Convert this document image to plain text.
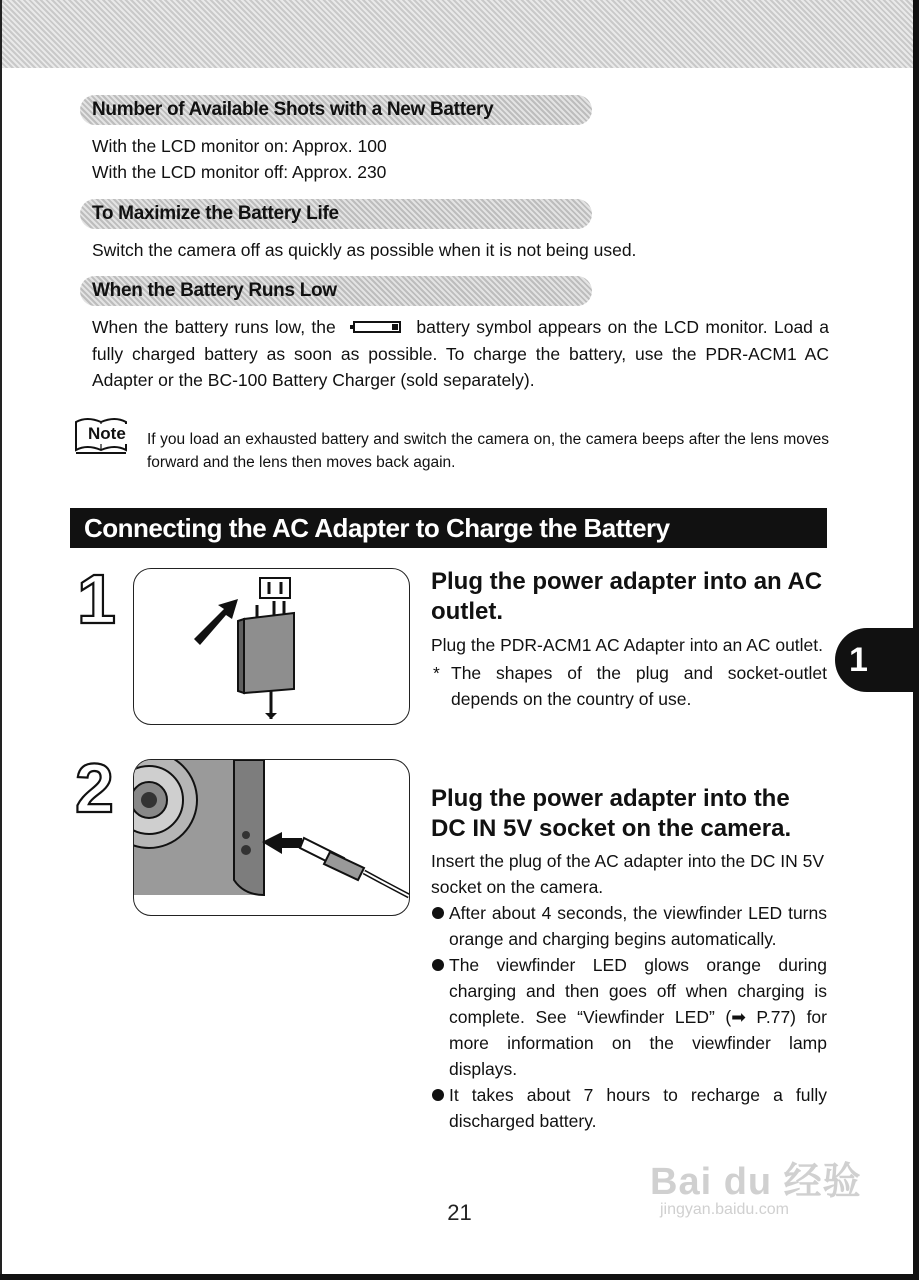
Number of Available Shots with a New Battery
With the LCD monitor on: Approx. 100
With the LCD monitor off: Approx. 230
To Maximize the Battery Life
Switch the camera off as quickly as possible when it is not being used.
When the Battery Runs Low
When the battery runs low, the	battery symbol appears on the LCD monitor. Load a fully charged battery as soon as possible. To charge the battery, use the PDR-ACM1 AC Adapter or the BC-100 Battery Charger (sold separately).
Note If you load an exhausted battery and switch the camera on, the camera beeps after the lens moves forward and the lens then moves back again.
Connecting the AC Adapter to Charge the Battery
1
1	Plug the power adapter into an AC outlet.
Plug the PDR-ACM1 AC Adapter into an AC outlet.
* The shapes of the plug and socket-outlet depends on the country of use.
2	Plug the power adapter into the DC IN 5V socket on the camera.
Insert the plug of the AC adapter into the DC IN 5V socket on the camera.
After about 4 seconds, the viewfinder LED turns orange and charging begins automatically.
The viewfinder LED glows orange during charging and then goes off when charging is complete. See “Viewfinder LED” (➡ P.77) for more information on the viewfinder lamp displays.
It takes about 7 hours to recharge a fully discharged battery.
Bai du 经验
jingyan.baidu.com
21
